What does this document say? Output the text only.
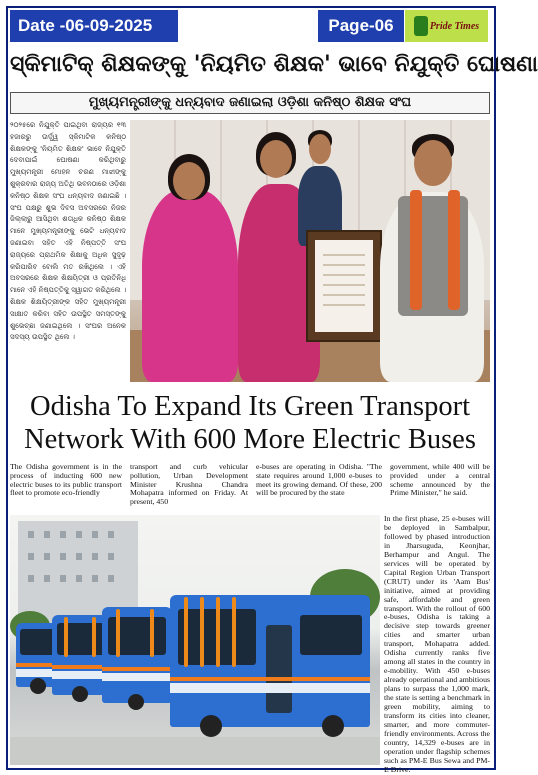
Date -06-09-2025	Page-06	Pride Times
ସ୍କିମାଟିକ୍ ଶିକ୍ଷକଙ୍କୁ 'ନିୟମିତ ଶିକ୍ଷକ' ଭାବେ ନିଯୁକ୍ତି ଘୋଷଣା
ମୁଖ୍ୟମନ୍ତ୍ରୀଙ୍କୁ ଧନ୍ୟବାଦ ଜଣାଇଲା ଓଡ଼ିଶା କନିଷ୍ଠ ଶିକ୍ଷକ ସଂଘ
୨୦୨୫ରେ ନିଯୁକ୍ତି ପାଇଥିବା ରାଜ୍ୟର ୧୩ ହଜାରରୁ ଊର୍ଦ୍ଧ୍ୱ ସ୍କିମାଟିକ କନିଷ୍ଠ ଶିକ୍ଷକଙ୍କୁ 'ନିୟମିତ ଶିକ୍ଷକ' ଭାବେ ନିଯୁକ୍ତି ଦେବାପାଇଁ ଘୋଷଣା କରିଥିବାରୁ ମୁଖ୍ୟମନ୍ତ୍ରୀ ମୋହନ ଚରଣ ମାଝୀଙ୍କୁ ଶୁକ୍ରବାର ରାଜ୍ୟ ଅତିଥି ଭବନଠାରେ ଓଡ଼ିଶା କନିଷ୍ଠ ଶିକ୍ଷକ ସଂଘ ଧନ୍ୟବାଦ ଜଣାଇଛି । ସଂଘ ପକ୍ଷରୁ ଶୁଭ ଦିବସ ଅବସରରେ ନିଜର ଜିଲ୍ଲାରୁ ଆସିଥିବା ଶତାଧିକ କନିଷ୍ଠ ଶିକ୍ଷକ ମାନେ ମୁଖ୍ୟମନ୍ତ୍ରୀଙ୍କୁ ଭେଟି ଧନ୍ୟବାଦ ଜଣାଇବା ସହିତ ଏହି ନିଷ୍ପତ୍ତି ସଂଘ ରାଜ୍ୟରେ ପ୍ରାଥମିକ ଶିକ୍ଷାକୁ ଅଧିକ ସୁଦୃଢ଼ କରିପାରିବ ବୋଲି ମତ ରଖିଥିଲେ । ଏହି ଅବସରରେ ଶିକ୍ଷକ ଶିକ୍ଷୟିତ୍ରୀ ଓ ପ୍ରତିନିଧି ମାନେ ଏହି ନିଷ୍ପତ୍ତିକୁ ସ୍ୱାଗତ କରିଥିଲେ । ଶିକ୍ଷକ ଶିକ୍ଷୟିତ୍ରୀଙ୍କ ସହିତ ମୁଖ୍ୟମନ୍ତ୍ରୀ ସାକ୍ଷାତ କରିବା ସହିତ ଉପସ୍ଥିତ ସମସ୍ତଙ୍କୁ ଶୁଭେଚ୍ଛା ଜଣାଇଥିଲେ । ସଂଘର ଅନେକ ସଦସ୍ୟ ଉପସ୍ଥିତ ଥିଲେ ।
Odisha To Expand Its Green Transport Network With 600 More Electric Buses
The Odisha government is in the process of inducting 600 new electric buses to its public transport fleet to promote eco-friendly
transport and curb vehicular pollution, Urban Development Minister Krushna Chandra Mohapatra informed on Friday. At present, 450
e-buses are operating in Odisha. "The state requires around 1,000 e-buses to meet its growing demand. Of these, 200 will be procured by the state
government, while 400 will be provided under a central scheme announced by the Prime Minister," he said.
In the first phase, 25 e-buses will be deployed in Sambalpur, followed by phased introduction in Jharsuguda, Keonjhar, Berhampur and Angul. The services will be operated by Capital Region Urban Transport (CRUT) under its 'Aam Bus' initiative, aimed at providing safe, affordable and green transport. With the rollout of 600 e-buses, Odisha is taking a decisive step towards greener cities and smarter urban transport, Mohapatra added. Odisha currently ranks five among all states in the country in e-mobility. With 450 e-buses already operational and ambitious plans to surpass the 1,000 mark, the state is setting a benchmark in green mobility, aiming to transform its cities into cleaner, smarter, and more commuter-friendly environments. Across the country, 14,329 e-buses are in operation under flagship schemes such as PM-E Bus Sewa and PM-E Drive.
